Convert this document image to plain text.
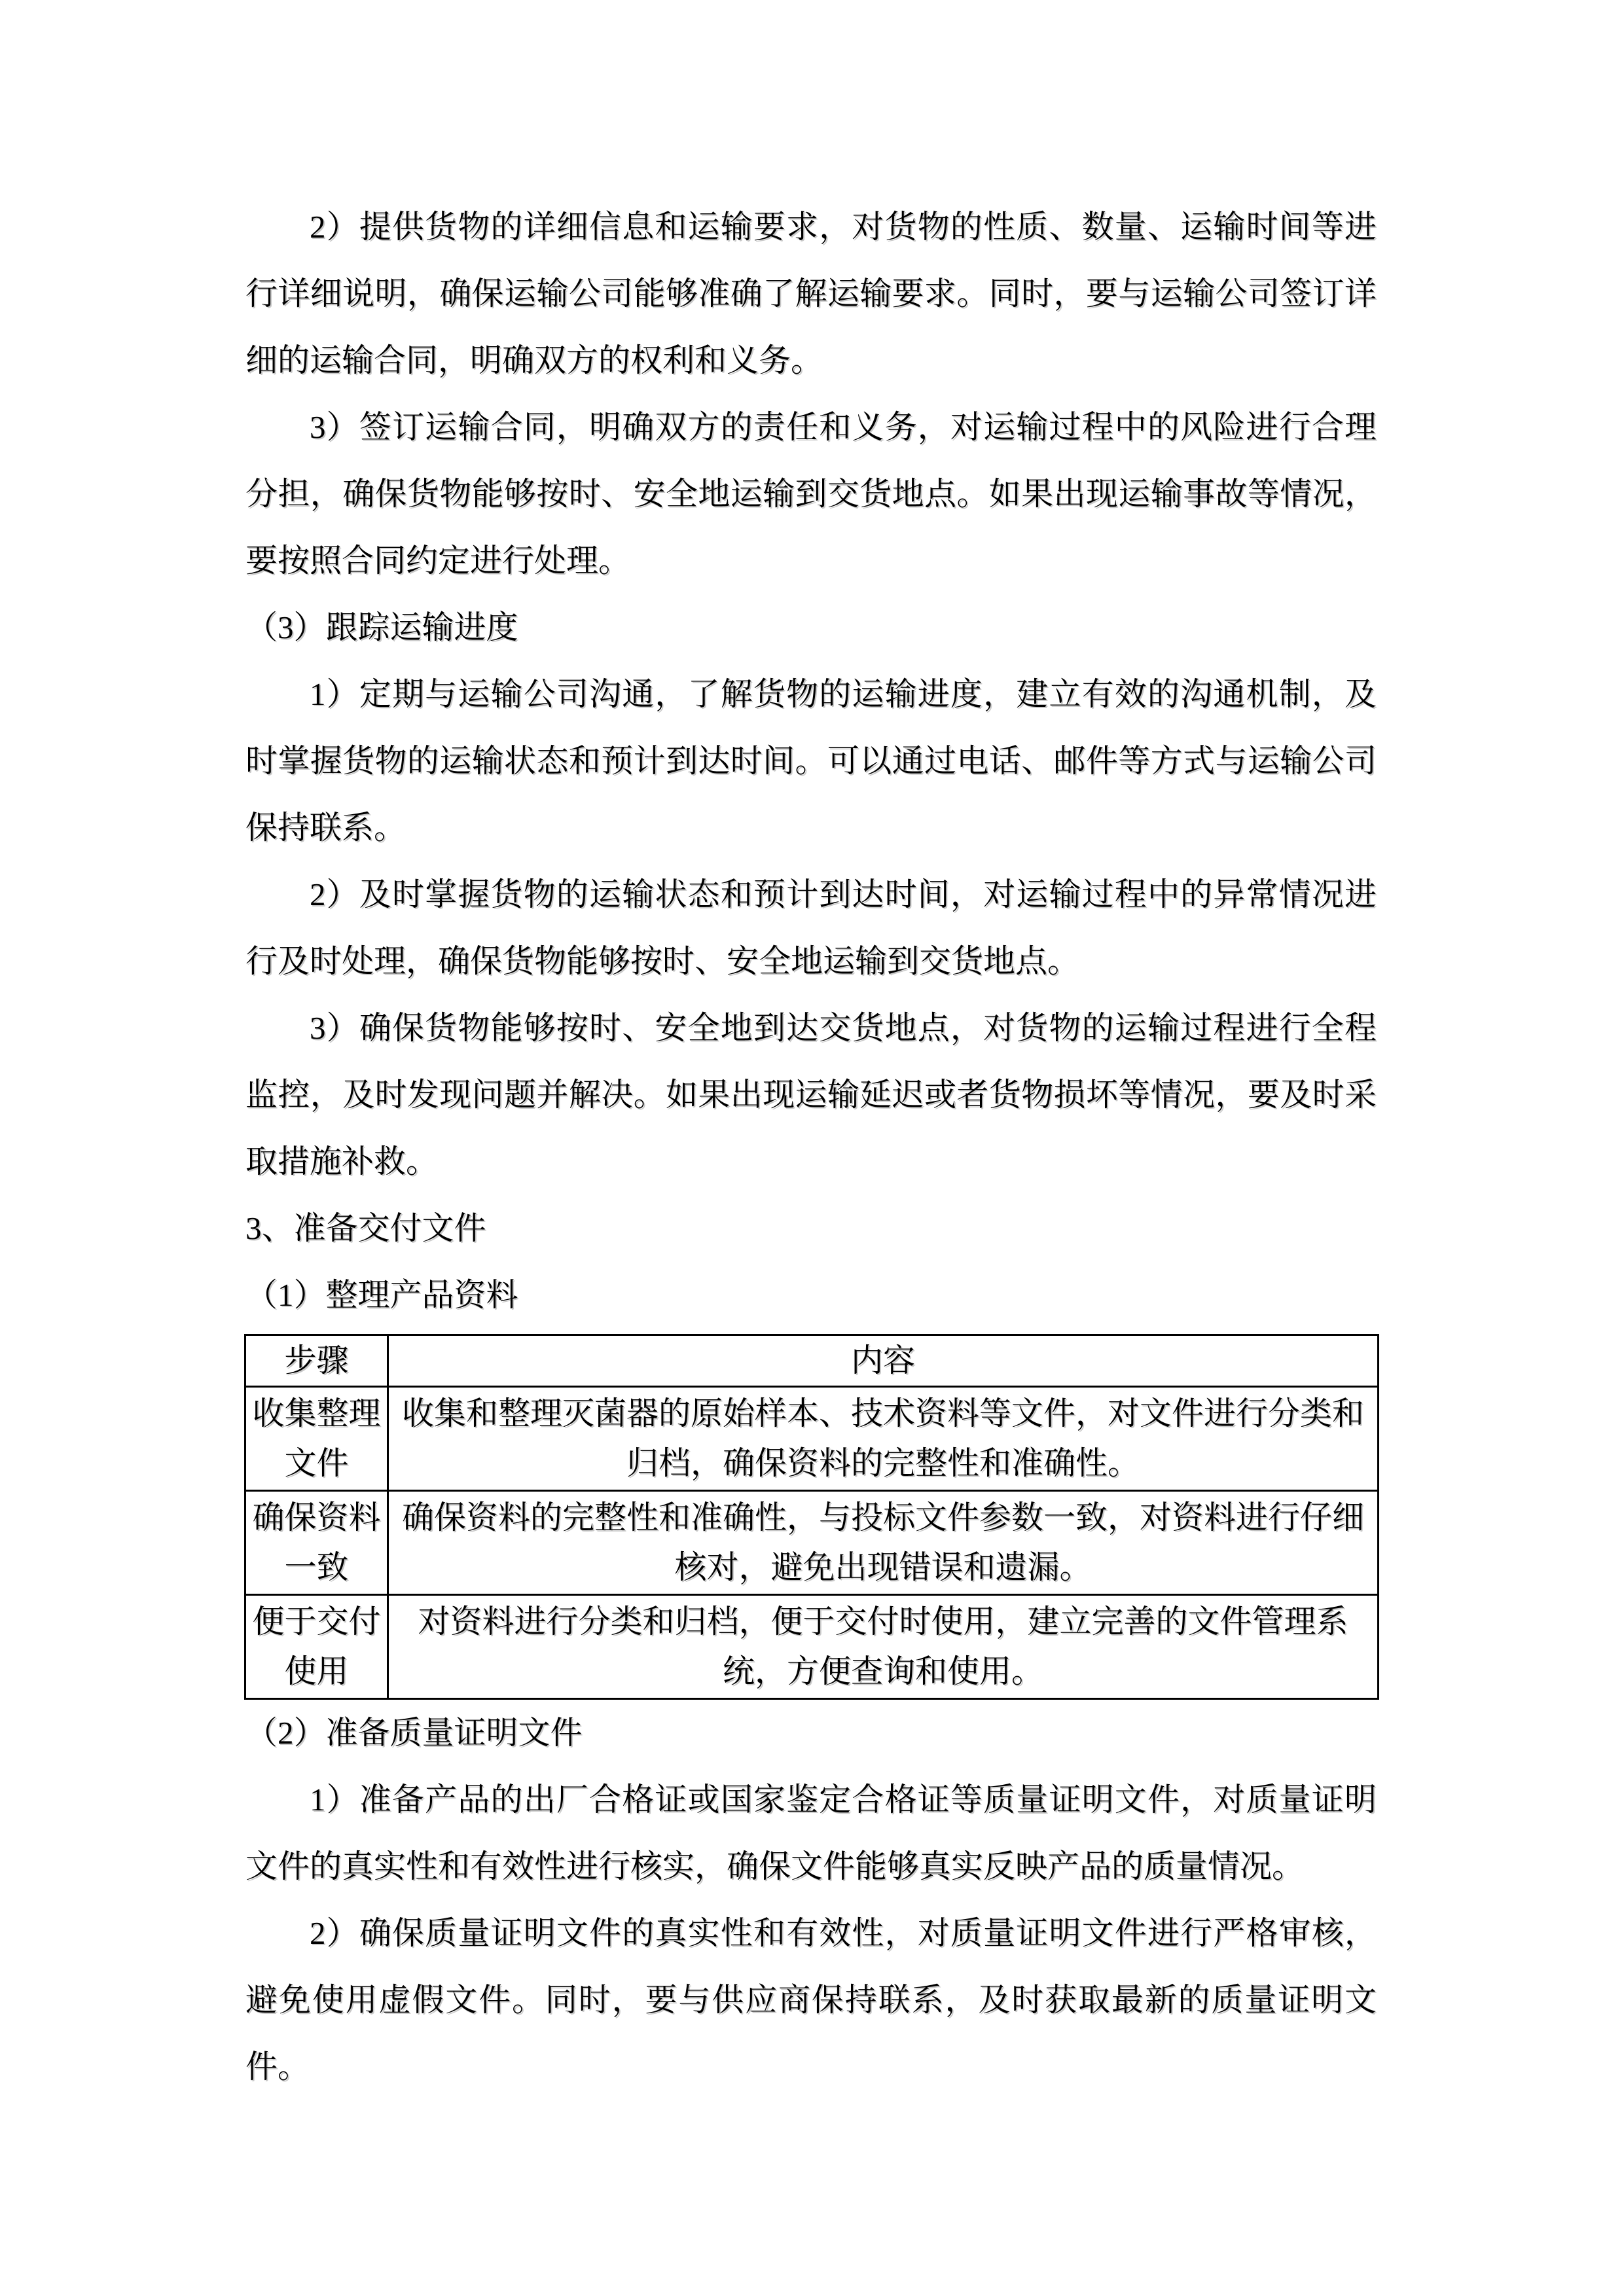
2）提供货物的详细信息和运输要求，对货物的性质、数量、运输时间等进行详细说明，确保运输公司能够准确了解运输要求。同时，要与运输公司签订详细的运输合同，明确双方的权利和义务。

3）签订运输合同，明确双方的责任和义务，对运输过程中的风险进行合理分担，确保货物能够按时、安全地运输到交货地点。如果出现运输事故等情况，要按照合同约定进行处理。

（3）跟踪运输进度

1）定期与运输公司沟通，了解货物的运输进度，建立有效的沟通机制，及时掌握货物的运输状态和预计到达时间。可以通过电话、邮件等方式与运输公司保持联系。

2）及时掌握货物的运输状态和预计到达时间，对运输过程中的异常情况进行及时处理，确保货物能够按时、安全地运输到交货地点。

3）确保货物能够按时、安全地到达交货地点，对货物的运输过程进行全程监控，及时发现问题并解决。如果出现运输延迟或者货物损坏等情况，要及时采取措施补救。

3、准备交付文件

（1）整理产品资料

步骤	内容
收集整理文件	收集和整理灭菌器的原始样本、技术资料等文件，对文件进行分类和归档，确保资料的完整性和准确性。
确保资料一致	确保资料的完整性和准确性，与投标文件参数一致，对资料进行仔细核对，避免出现错误和遗漏。
便于交付使用	对资料进行分类和归档，便于交付时使用，建立完善的文件管理系统，方便查询和使用。

（2）准备质量证明文件

1）准备产品的出厂合格证或国家鉴定合格证等质量证明文件，对质量证明文件的真实性和有效性进行核实，确保文件能够真实反映产品的质量情况。

2）确保质量证明文件的真实性和有效性，对质量证明文件进行严格审核，避免使用虚假文件。同时，要与供应商保持联系，及时获取最新的质量证明文件。
